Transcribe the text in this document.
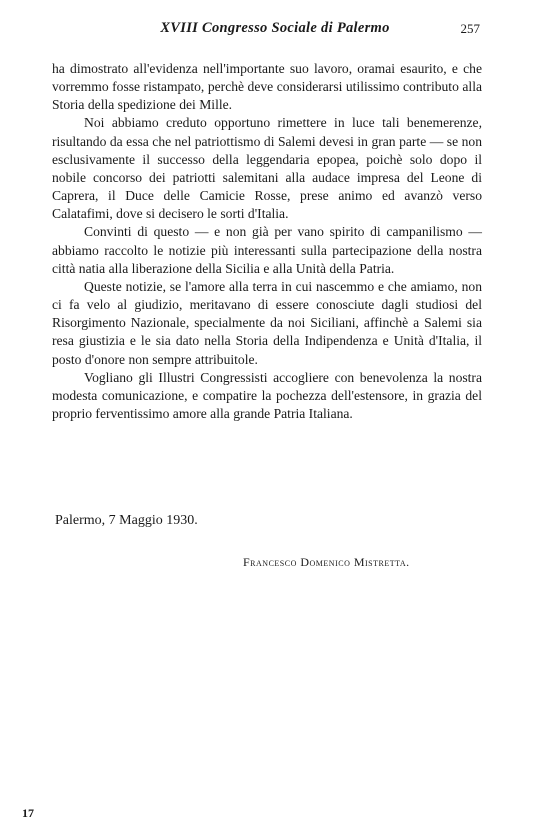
XVIII Congresso Sociale di Palermo	257

ha dimostrato all'evidenza nell'importante suo lavoro, oramai esaurito, e che vorremmo fosse ristampato, perchè deve considerarsi utilissimo contributo alla Storia della spedizione dei Mille.

Noi abbiamo creduto opportuno rimettere in luce tali benemerenze, risultando da essa che nel patriottismo di Salemi devesi in gran parte — se non esclusivamente il successo della leggendaria epopea, poichè solo dopo il nobile concorso dei patriotti salemitani alla audace impresa del Leone di Caprera, il Duce delle Camicie Rosse, prese animo ed avanzò verso Calatafimi, dove si decisero le sorti d'Italia.

Convinti di questo — e non già per vano spirito di campanilismo — abbiamo raccolto le notizie più interessanti sulla partecipazione della nostra città natia alla liberazione della Sicilia e alla Unità della Patria.

Queste notizie, se l'amore alla terra in cui nascemmo e che amiamo, non ci fa velo al giudizio, meritavano di essere conosciute dagli studiosi del Risorgimento Nazionale, specialmente da noi Siciliani, affinchè a Salemi sia resa giustizia e le sia dato nella Storia della Indipendenza e Unità d'Italia, il posto d'onore non sempre attribuitole.

Vogliano gli Illustri Congressisti accogliere con benevolenza la nostra modesta comunicazione, e compatire la pochezza dell'estensore, in grazia del proprio ferventissimo amore alla grande Patria Italiana.

Palermo, 7 Maggio 1930.
Francesco Domenico Mistretta.
17
